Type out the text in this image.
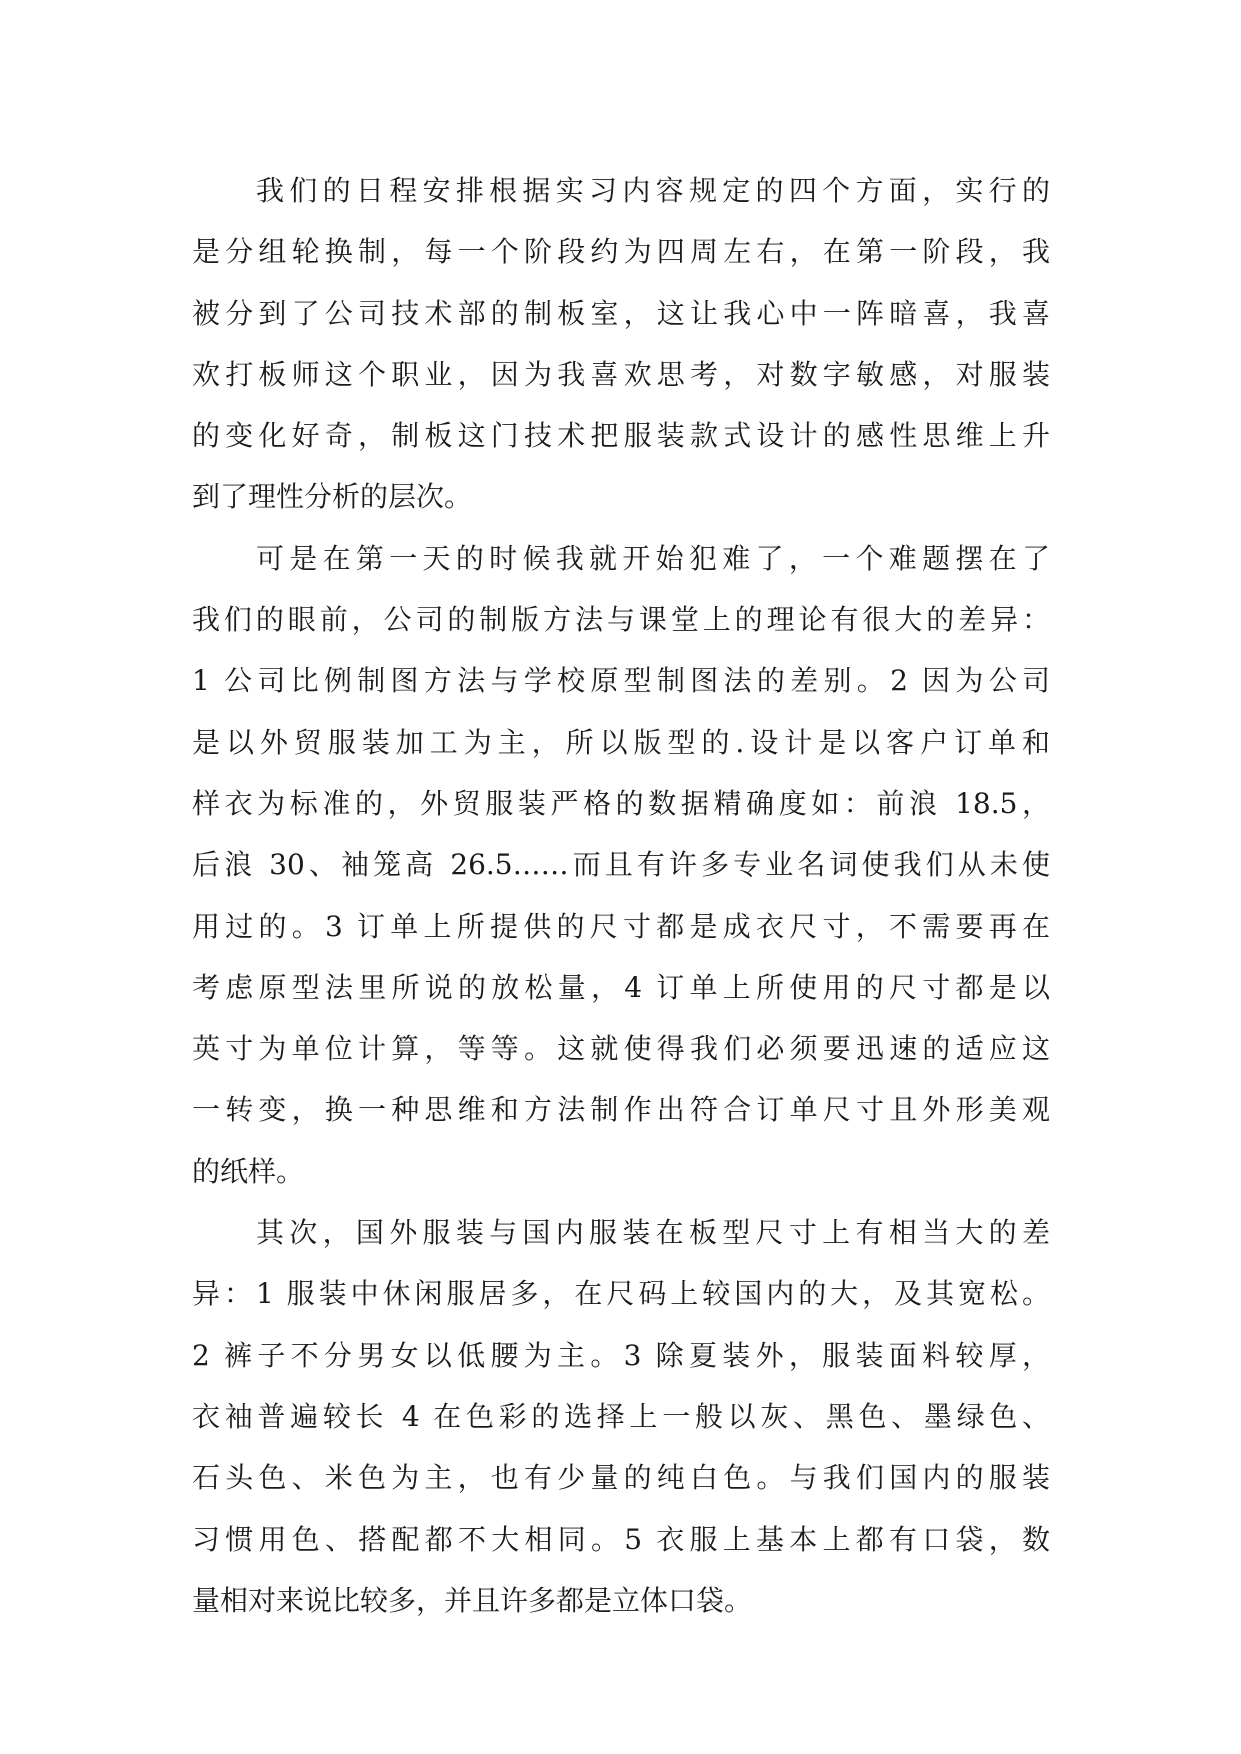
我们的日程安排根据实习内容规定的四个方面，实行的
是分组轮换制，每一个阶段约为四周左右，在第一阶段，我
被分到了公司技术部的制板室，这让我心中一阵暗喜，我喜
欢打板师这个职业，因为我喜欢思考，对数字敏感，对服装
的变化好奇，制板这门技术把服装款式设计的感性思维上升
到了理性分析的层次。
可是在第一天的时候我就开始犯难了，一个难题摆在了
我们的眼前，公司的制版方法与课堂上的理论有很大的差异：
1 公司比例制图方法与学校原型制图法的差别。2 因为公司
是以外贸服装加工为主，所以版型的.设计是以客户订单和
样衣为标准的，外贸服装严格的数据精确度如：前浪 18.5，
后浪 30、袖笼高 26.5……而且有许多专业名词使我们从未使
用过的。3 订单上所提供的尺寸都是成衣尺寸，不需要再在
考虑原型法里所说的放松量，4 订单上所使用的尺寸都是以
英寸为单位计算，等等。这就使得我们必须要迅速的适应这
一转变，换一种思维和方法制作出符合订单尺寸且外形美观
的纸样。
其次，国外服装与国内服装在板型尺寸上有相当大的差
异：1 服装中休闲服居多，在尺码上较国内的大，及其宽松。
2 裤子不分男女以低腰为主。3 除夏装外，服装面料较厚，
衣袖普遍较长 4 在色彩的选择上一般以灰、黑色、墨绿色、
石头色、米色为主，也有少量的纯白色。与我们国内的服装
习惯用色、搭配都不大相同。5 衣服上基本上都有口袋，数
量相对来说比较多，并且许多都是立体口袋。
